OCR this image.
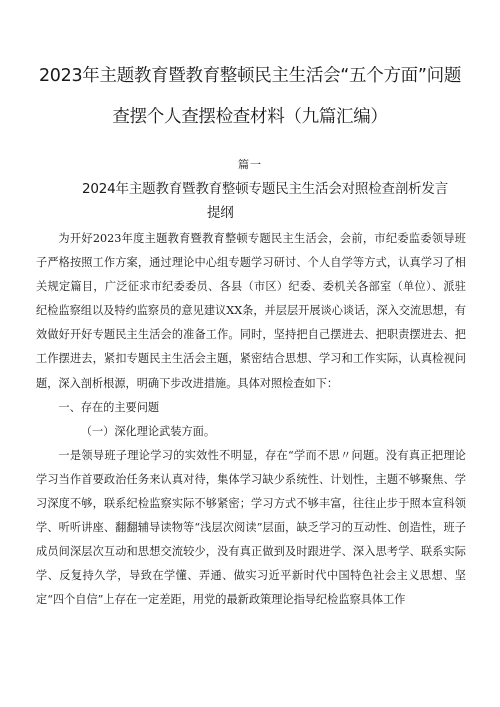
2023年主题教育暨教育整顿民主生活会“五个方面”问题
查摆个人查摆检查材料（九篇汇编）
篇一
2024年主题教育暨教育整顿专题民主生活会对照检查剖析发言
提纲

为开好2023年度主题教育暨教育整顿专题民主生活会，会前，市纪委监委领导班子严格按照工作方案，通过理论中心组专题学习研讨、个人自学等方式，认真学习了相关规定篇目，广泛征求市纪委委员、各县（市区）纪委、委机关各部室（单位）、派驻纪检监察组以及特约监察员的意见建议XX条，并层层开展谈心谈话，深入交流思想，有效做好开好专题民主生活会的准备工作。同时，坚持把自己摆进去、把职责摆进去、把工作摆进去，紧扣专题民主生活会主题，紧密结合思想、学习和工作实际，认真检视问题，深入剖析根源，明确下步改进措施。具体对照检查如下：

一、存在的主要问题

（一）深化理论武装方面。

一是领导班子理论学习的实效性不明显，存在“学而不思〃问题。没有真正把理论学习当作首要政治任务来认真对待，集体学习缺少系统性、计划性，主题不够聚焦、学习深度不够，联系纪检监察实际不够紧密；学习方式不够丰富，往往止步于照本宣科领学、听听讲座、翻翻辅导读物等“浅层次阅读”层面，缺乏学习的互动性、创造性，班子成员间深层次互动和思想交流较少，没有真正做到及时跟进学、深入思考学、联系实际学、反复持久学，导致在学懂、弄通、做实习近平新时代中国特色社会主义思想、坚定“四个自信”上存在一定差距，用党的最新政策理论指导纪检监察具体工作
